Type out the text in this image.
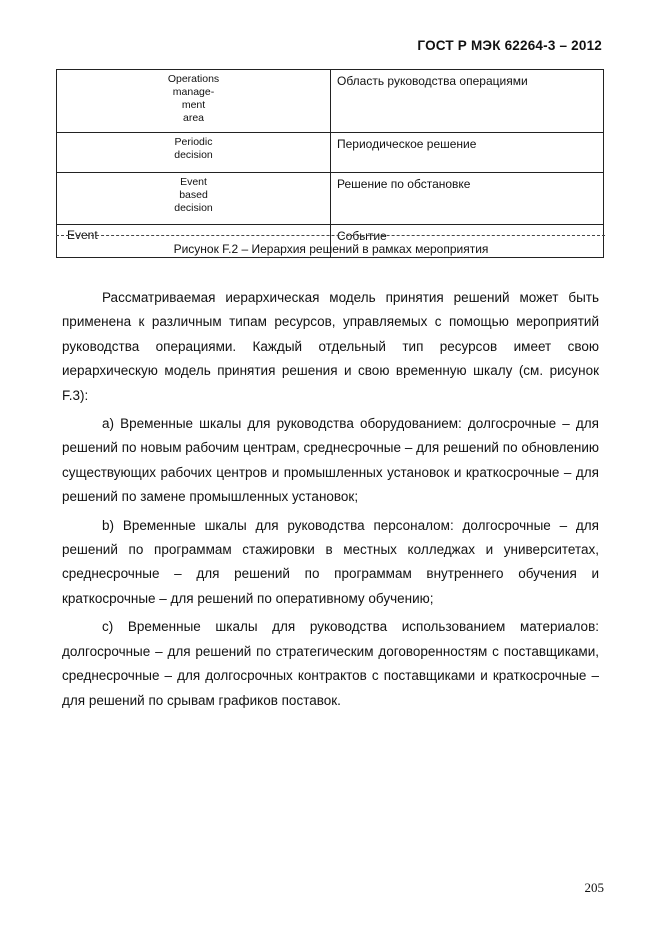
ГОСТ Р МЭК 62264-3 – 2012
Operations
manage-
ment
area	Область руководства операциями
Periodic
decision	Периодическое решение
Event
based
decision	Решение по обстановке
Event	Событие
Рисунок F.2 – Иерархия решений в рамках мероприятия

Рассматриваемая иерархическая модель принятия решений может быть применена к различным типам ресурсов, управляемых с помощью мероприятий руководства операциями. Каждый отдельный тип ресурсов имеет свою иерархическую модель принятия решения и свою временную шкалу (см. рисунок F.3):

a) Временные шкалы для руководства оборудованием: долгосрочные – для решений по новым рабочим центрам, среднесрочные – для решений по обновлению существующих рабочих центров и промышленных установок и краткосрочные – для решений по замене промышленных установок;

b) Временные шкалы для руководства персоналом: долгосрочные – для решений по программам стажировки в местных колледжах и университетах, среднесрочные – для решений по программам внутреннего обучения и краткосрочные – для решений по оперативному обучению;

c) Временные шкалы для руководства использованием материалов: долгосрочные – для решений по стратегическим договоренностям с поставщиками, среднесрочные – для долгосрочных контрактов с поставщиками и краткосрочные – для решений по срывам графиков поставок.

205
